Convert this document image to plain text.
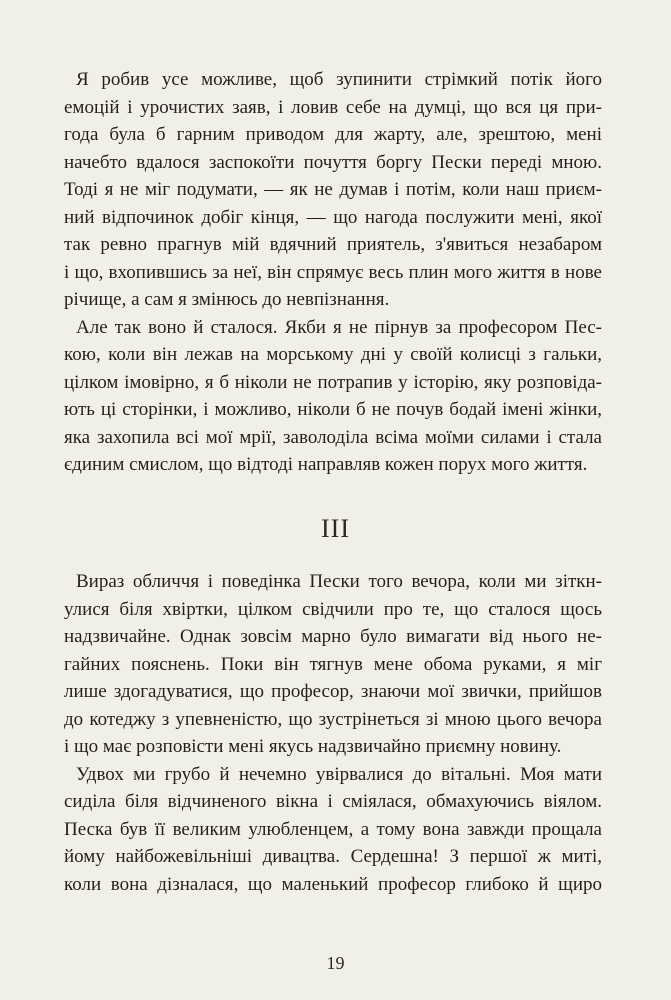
Я робив усе можливе, щоб зупинити стрімкий потік його
емоцій і урочистих заяв, і ловив себе на думці, що вся ця при-
года була б гарним приводом для жарту, але, зрештою, мені
начебто вдалося заспокоїти почуття боргу Пески переді мною.
Тоді я не міг подумати, — як не думав і потім, коли наш приєм-
ний відпочинок добіг кінця, — що нагода послужити мені, якої
так ревно прагнув мій вдячний приятель, з'явиться незабаром
і що, вхопившись за неї, він спрямує весь плин мого життя в нове
річище, а сам я змінюсь до невпізнання.
Але так воно й сталося. Якби я не пірнув за професором Пес-
кою, коли він лежав на морському дні у своїй колисці з гальки,
цілком імовірно, я б ніколи не потрапив у історію, яку розповіда-
ють ці сторінки, і можливо, ніколи б не почув бодай імені жінки,
яка захопила всі мої мрії, заволоділа всіма моїми силами і стала
єдиним смислом, що відтоді направляв кожен порух мого життя.
III
Вираз обличчя і поведінка Пески того вечора, коли ми зіткн-
улися біля хвіртки, цілком свідчили про те, що сталося щось
надзвичайне. Однак зовсім марно було вимагати від нього не-
гайних пояснень. Поки він тягнув мене обома руками, я міг
лише здогадуватися, що професор, знаючи мої звички, прийшов
до котеджу з упевненістю, що зустрінеться зі мною цього вечора
і що має розповісти мені якусь надзвичайно приємну новину.
Удвох ми грубо й нечемно увірвалися до вітальні. Моя мати
сиділа біля відчиненого вікна і сміялася, обмахуючись віялом.
Песка був її великим улюбленцем, а тому вона завжди прощала
йому найбожевільніші дивацтва. Сердешна! З першої ж миті,
коли вона дізналася, що маленький професор глибоко й щиро
19
